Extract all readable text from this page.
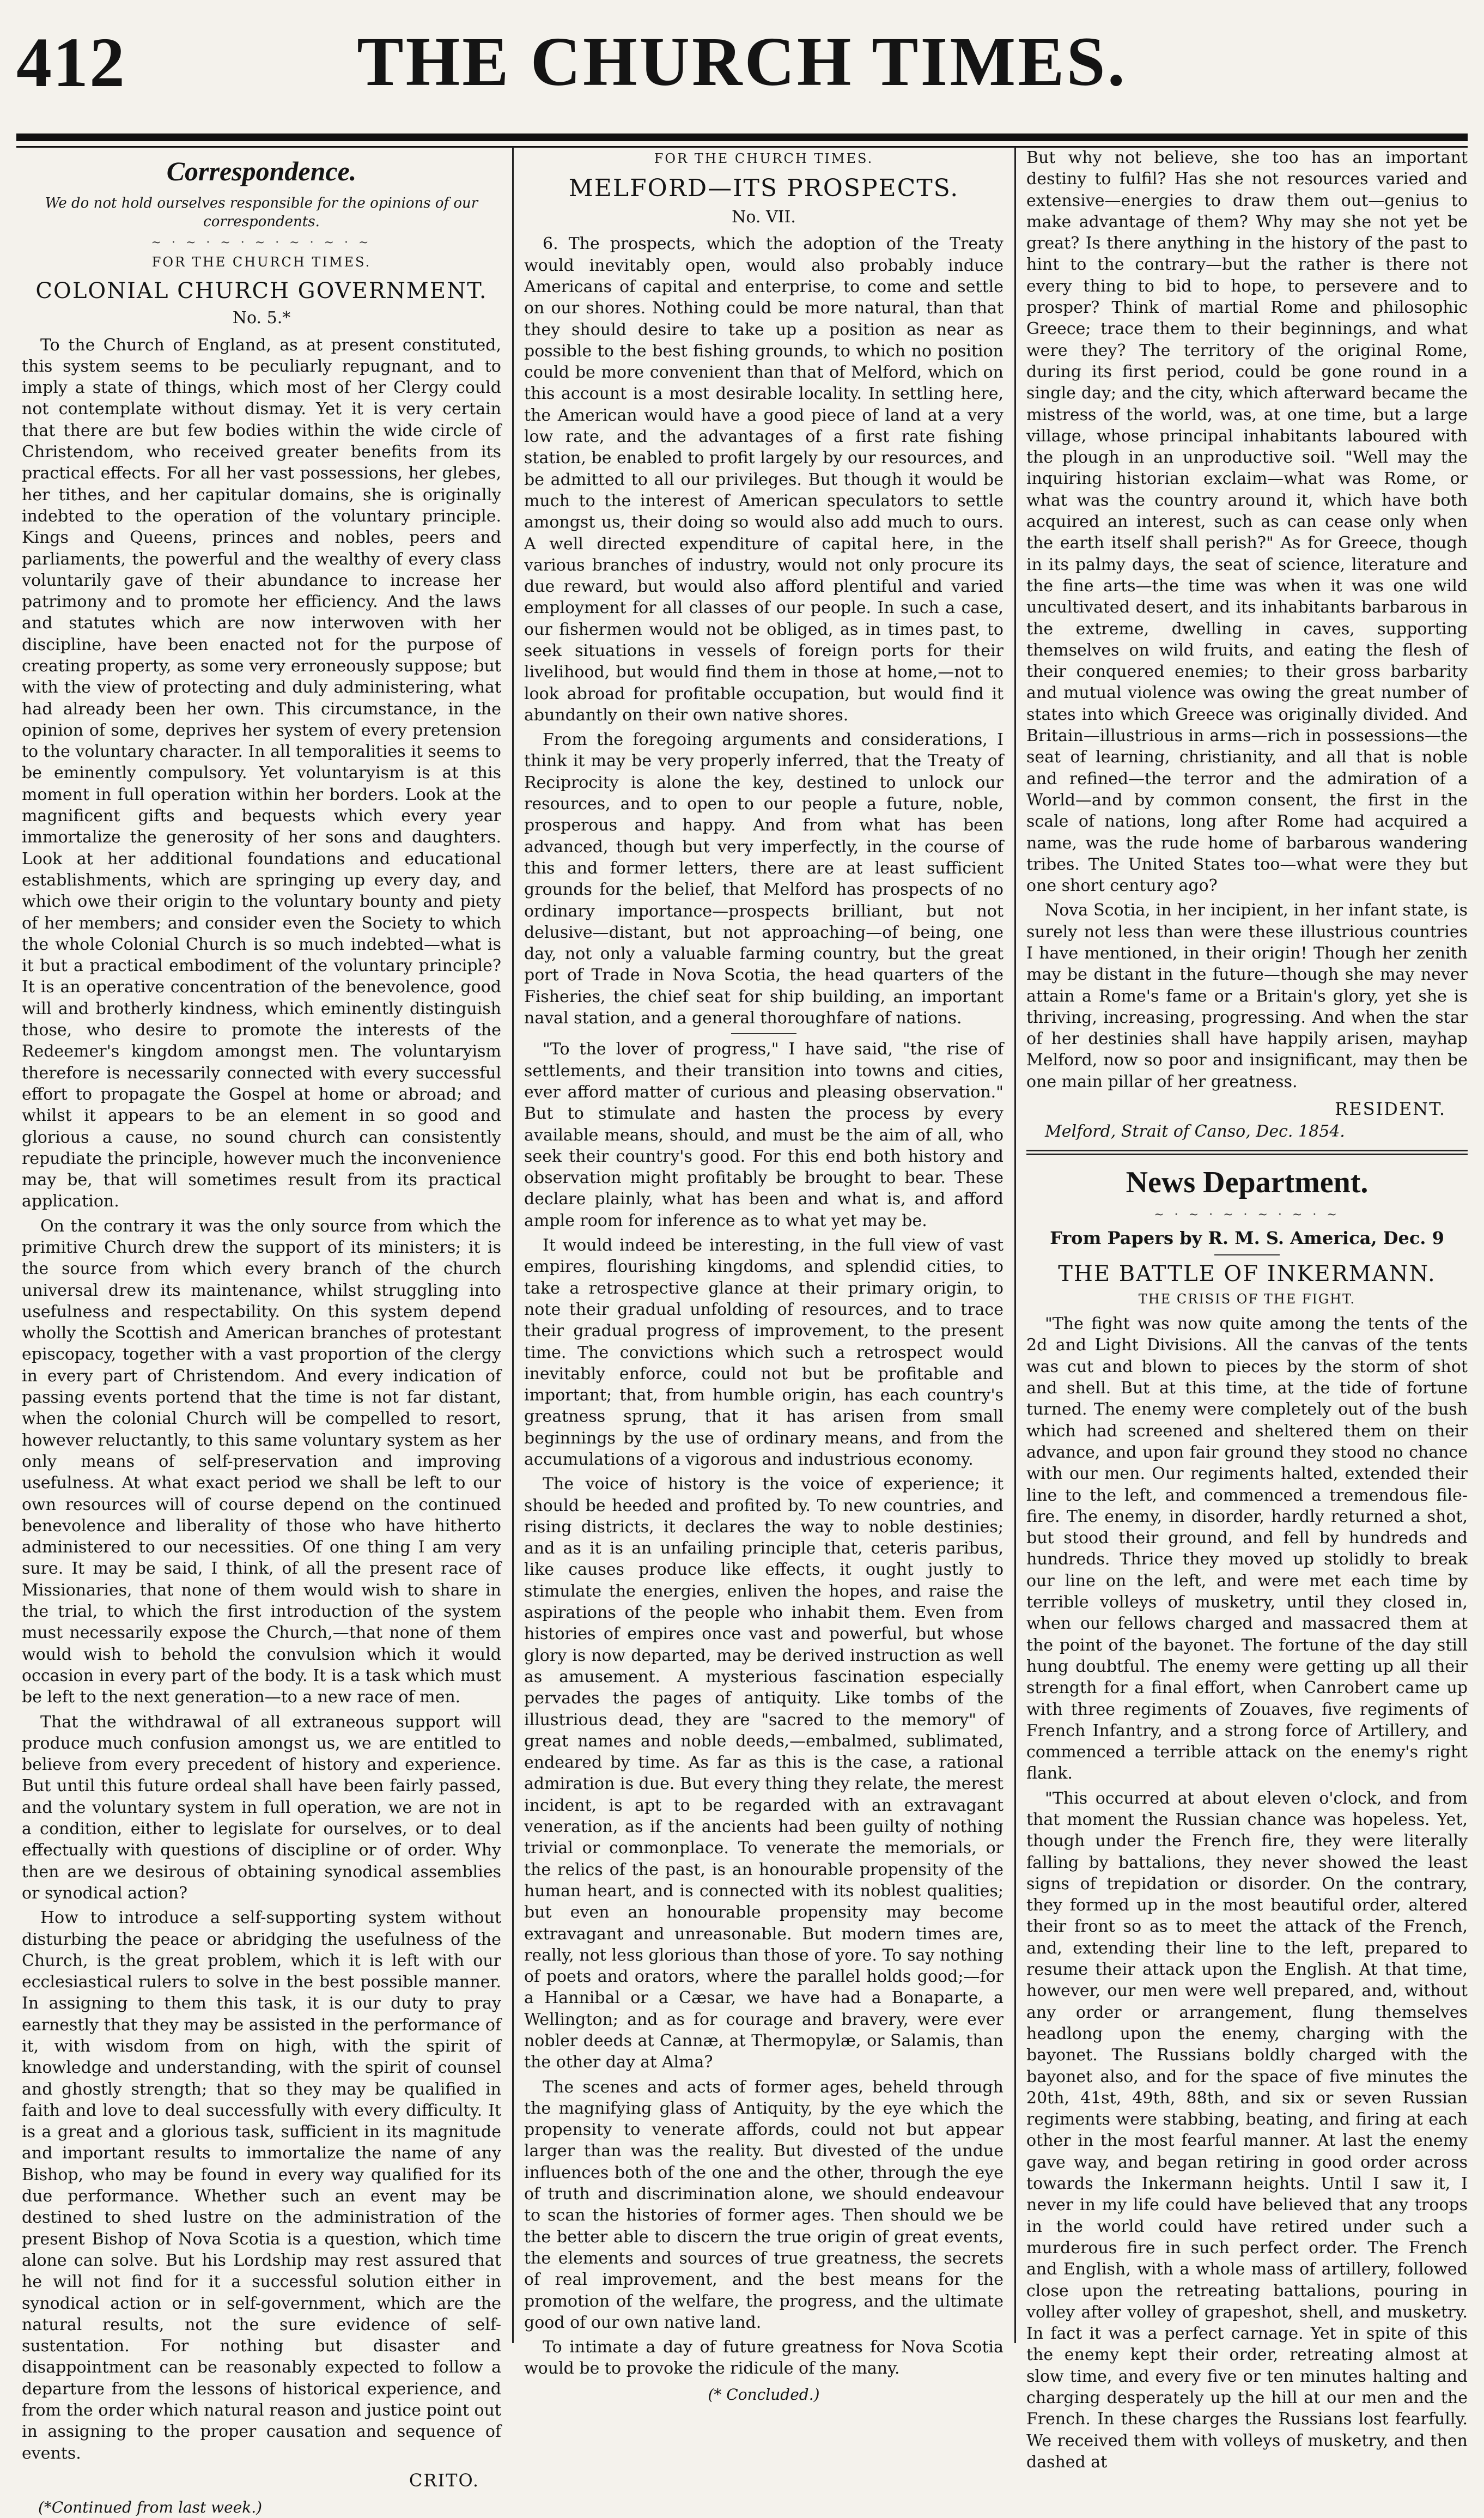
412	THE CHURCH TIMES.
Correspondence.
We do not hold ourselves responsible for the opinions of our correspondents.
~ · ~ · ~ · ~ · ~ · ~ · ~
FOR THE CHURCH TIMES.
COLONIAL CHURCH GOVERNMENT.
No. 5.*

To the Church of England, as at present constituted, this system seems to be peculiarly repugnant, and to imply a state of things, which most of her Clergy could not contemplate without dismay. Yet it is very certain that there are but few bodies within the wide circle of Christendom, who received greater benefits from its practical effects. For all her vast possessions, her glebes, her tithes, and her capitular domains, she is originally indebted to the operation of the voluntary principle. Kings and Queens, princes and nobles, peers and parliaments, the powerful and the wealthy of every class voluntarily gave of their abundance to increase her patrimony and to promote her efficiency. And the laws and statutes which are now interwoven with her discipline, have been enacted not for the purpose of creating property, as some very erroneously suppose; but with the view of protecting and duly administering, what had already been her own. This circumstance, in the opinion of some, deprives her system of every pretension to the voluntary character. In all temporalities it seems to be eminently compulsory. Yet voluntaryism is at this moment in full operation within her borders. Look at the magnificent gifts and bequests which every year immortalize the generosity of her sons and daughters. Look at her additional foundations and educational establishments, which are springing up every day, and which owe their origin to the voluntary bounty and piety of her members; and consider even the Society to which the whole Colonial Church is so much indebted—what is it but a practical embodiment of the voluntary principle? It is an operative concentration of the benevolence, good will and brotherly kindness, which eminently distinguish those, who desire to promote the interests of the Redeemer's kingdom amongst men. The voluntaryism therefore is necessarily connected with every successful effort to propagate the Gospel at home or abroad; and whilst it appears to be an element in so good and glorious a cause, no sound church can consistently repudiate the principle, however much the inconvenience may be, that will sometimes result from its practical application.

On the contrary it was the only source from which the primitive Church drew the support of its ministers; it is the source from which every branch of the church universal drew its maintenance, whilst struggling into usefulness and respectability. On this system depend wholly the Scottish and American branches of protestant episcopacy, together with a vast proportion of the clergy in every part of Christendom. And every indication of passing events portend that the time is not far distant, when the colonial Church will be compelled to resort, however reluctantly, to this same voluntary system as her only means of self-preservation and improving usefulness. At what exact period we shall be left to our own resources will of course depend on the continued benevolence and liberality of those who have hitherto administered to our necessities. Of one thing I am very sure. It may be said, I think, of all the present race of Missionaries, that none of them would wish to share in the trial, to which the first introduction of the system must necessarily expose the Church,—that none of them would wish to behold the convulsion which it would occasion in every part of the body. It is a task which must be left to the next generation—to a new race of men.

That the withdrawal of all extraneous support will produce much confusion amongst us, we are entitled to believe from every precedent of history and experience. But until this future ordeal shall have been fairly passed, and the voluntary system in full operation, we are not in a condition, either to legislate for ourselves, or to deal effectually with questions of discipline or of order. Why then are we desirous of obtaining synodical assemblies or synodical action?

How to introduce a self-supporting system without disturbing the peace or abridging the usefulness of the Church, is the great problem, which it is left with our ecclesiastical rulers to solve in the best possible manner. In assigning to them this task, it is our duty to pray earnestly that they may be assisted in the performance of it, with wisdom from on high, with the spirit of knowledge and understanding, with the spirit of counsel and ghostly strength; that so they may be qualified in faith and love to deal successfully with every difficulty. It is a great and a glorious task, sufficient in its magnitude and important results to immortalize the name of any Bishop, who may be found in every way qualified for its due performance. Whether such an event may be destined to shed lustre on the administration of the present Bishop of Nova Scotia is a question, which time alone can solve. But his Lordship may rest assured that he will not find for it a successful solution either in synodical action or in self-government, which are the natural results, not the sure evidence of self-sustentation. For nothing but disaster and disappointment can be reasonably expected to follow a departure from the lessons of historical experience, and from the order which natural reason and justice point out in assigning to the proper causation and sequence of events.

CRITO.
(*Continued from last week.)
FOR THE CHURCH TIMES.
MELFORD—ITS PROSPECTS.
No. VII.

6. The prospects, which the adoption of the Treaty would inevitably open, would also probably induce Americans of capital and enterprise, to come and settle on our shores. Nothing could be more natural, than that they should desire to take up a position as near as possible to the best fishing grounds, to which no position could be more convenient than that of Melford, which on this account is a most desirable locality. In settling here, the American would have a good piece of land at a very low rate, and the advantages of a first rate fishing station, be enabled to profit largely by our resources, and be admitted to all our privileges. But though it would be much to the interest of American speculators to settle amongst us, their doing so would also add much to ours. A well directed expenditure of capital here, in the various branches of industry, would not only procure its due reward, but would also afford plentiful and varied employment for all classes of our people. In such a case, our fishermen would not be obliged, as in times past, to seek situations in vessels of foreign ports for their livelihood, but would find them in those at home,—not to look abroad for profitable occupation, but would find it abundantly on their own native shores.

From the foregoing arguments and considerations, I think it may be very properly inferred, that the Treaty of Reciprocity is alone the key, destined to unlock our resources, and to open to our people a future, noble, prosperous and happy. And from what has been advanced, though but very imperfectly, in the course of this and former letters, there are at least sufficient grounds for the belief, that Melford has prospects of no ordinary importance—prospects brilliant, but not delusive—distant, but not approaching—of being, one day, not only a valuable farming country, but the great port of Trade in Nova Scotia, the head quarters of the Fisheries, the chief seat for ship building, an important naval station, and a general thoroughfare of nations.

"To the lover of progress," I have said, "the rise of settlements, and their transition into towns and cities, ever afford matter of curious and pleasing observation." But to stimulate and hasten the process by every available means, should, and must be the aim of all, who seek their country's good. For this end both history and observation might profitably be brought to bear. These declare plainly, what has been and what is, and afford ample room for inference as to what yet may be.

It would indeed be interesting, in the full view of vast empires, flourishing kingdoms, and splendid cities, to take a retrospective glance at their primary origin, to note their gradual unfolding of resources, and to trace their gradual progress of improvement, to the present time. The convictions which such a retrospect would inevitably enforce, could not but be profitable and important; that, from humble origin, has each country's greatness sprung, that it has arisen from small beginnings by the use of ordinary means, and from the accumulations of a vigorous and industrious economy.

The voice of history is the voice of experience; it should be heeded and profited by. To new countries, and rising districts, it declares the way to noble destinies; and as it is an unfailing principle that, ceteris paribus, like causes produce like effects, it ought justly to stimulate the energies, enliven the hopes, and raise the aspirations of the people who inhabit them. Even from histories of empires once vast and powerful, but whose glory is now departed, may be derived instruction as well as amusement. A mysterious fascination especially pervades the pages of antiquity. Like tombs of the illustrious dead, they are "sacred to the memory" of great names and noble deeds,—embalmed, sublimated, endeared by time. As far as this is the case, a rational admiration is due. But every thing they relate, the merest incident, is apt to be regarded with an extravagant veneration, as if the ancients had been guilty of nothing trivial or commonplace. To venerate the memorials, or the relics of the past, is an honourable propensity of the human heart, and is connected with its noblest qualities; but even an honourable propensity may become extravagant and unreasonable. But modern times are, really, not less glorious than those of yore. To say nothing of poets and orators, where the parallel holds good;—for a Hannibal or a Cæsar, we have had a Bonaparte, a Wellington; and as for courage and bravery, were ever nobler deeds at Cannæ, at Thermopylæ, or Salamis, than the other day at Alma?

The scenes and acts of former ages, beheld through the magnifying glass of Antiquity, by the eye which the propensity to venerate affords, could not but appear larger than was the reality. But divested of the undue influences both of the one and the other, through the eye of truth and discrimination alone, we should endeavour to scan the histories of former ages. Then should we be the better able to discern the true origin of great events, the elements and sources of true greatness, the secrets of real improvement, and the best means for the promotion of the welfare, the progress, and the ultimate good of our own native land.

To intimate a day of future greatness for Nova Scotia would be to provoke the ridicule of the many.

(* Concluded.)

But why not believe, she too has an important destiny to fulfil? Has she not resources varied and extensive—energies to draw them out—genius to make advantage of them? Why may she not yet be great? Is there anything in the history of the past to hint to the contrary—but the rather is there not every thing to bid to hope, to persevere and to prosper? Think of martial Rome and philosophic Greece; trace them to their beginnings, and what were they? The territory of the original Rome, during its first period, could be gone round in a single day; and the city, which afterward became the mistress of the world, was, at one time, but a large village, whose principal inhabitants laboured with the plough in an unproductive soil. "Well may the inquiring historian exclaim—what was Rome, or what was the country around it, which have both acquired an interest, such as can cease only when the earth itself shall perish?" As for Greece, though in its palmy days, the seat of science, literature and the fine arts—the time was when it was one wild uncultivated desert, and its inhabitants barbarous in the extreme, dwelling in caves, supporting themselves on wild fruits, and eating the flesh of their conquered enemies; to their gross barbarity and mutual violence was owing the great number of states into which Greece was originally divided. And Britain—illustrious in arms—rich in possessions—the seat of learning, christianity, and all that is noble and refined—the terror and the admiration of a World—and by common consent, the first in the scale of nations, long after Rome had acquired a name, was the rude home of barbarous wandering tribes. The United States too—what were they but one short century ago?

Nova Scotia, in her incipient, in her infant state, is surely not less than were these illustrious countries I have mentioned, in their origin! Though her zenith may be distant in the future—though she may never attain a Rome's fame or a Britain's glory, yet she is thriving, increasing, progressing. And when the star of her destinies shall have happily arisen, mayhap Melford, now so poor and insignificant, may then be one main pillar of her greatness.

RESIDENT.
Melford, Strait of Canso, Dec. 1854.
News Department.
~ · ~ · ~ · ~ · ~ · ~
From Papers by R. M. S. America, Dec. 9
THE BATTLE OF INKERMANN.
THE CRISIS OF THE FIGHT.

"The fight was now quite among the tents of the 2d and Light Divisions. All the canvas of the tents was cut and blown to pieces by the storm of shot and shell. But at this time, at the tide of fortune turned. The enemy were completely out of the bush which had screened and sheltered them on their advance, and upon fair ground they stood no chance with our men. Our regiments halted, extended their line to the left, and commenced a tremendous file-fire. The enemy, in disorder, hardly returned a shot, but stood their ground, and fell by hundreds and hundreds. Thrice they moved up stolidly to break our line on the left, and were met each time by terrible volleys of musketry, until they closed in, when our fellows charged and massacred them at the point of the bayonet. The fortune of the day still hung doubtful. The enemy were getting up all their strength for a final effort, when Canrobert came up with three regiments of Zouaves, five regiments of French Infantry, and a strong force of Artillery, and commenced a terrible attack on the enemy's right flank.

"This occurred at about eleven o'clock, and from that moment the Russian chance was hopeless. Yet, though under the French fire, they were literally falling by battalions, they never showed the least signs of trepidation or disorder. On the contrary, they formed up in the most beautiful order, altered their front so as to meet the attack of the French, and, extending their line to the left, prepared to resume their attack upon the English. At that time, however, our men were well prepared, and, without any order or arrangement, flung themselves headlong upon the enemy, charging with the bayonet. The Russians boldly charged with the bayonet also, and for the space of five minutes the 20th, 41st, 49th, 88th, and six or seven Russian regiments were stabbing, beating, and firing at each other in the most fearful manner. At last the enemy gave way, and began retiring in good order across towards the Inkermann heights. Until I saw it, I never in my life could have believed that any troops in the world could have retired under such a murderous fire in such perfect order. The French and English, with a whole mass of artillery, followed close upon the retreating battalions, pouring in volley after volley of grapeshot, shell, and musketry. In fact it was a perfect carnage. Yet in spite of this the enemy kept their order, retreating almost at slow time, and every five or ten minutes halting and charging desperately up the hill at our men and the French. In these charges the Russians lost fearfully. We received them with volleys of musketry, and then dashed at
